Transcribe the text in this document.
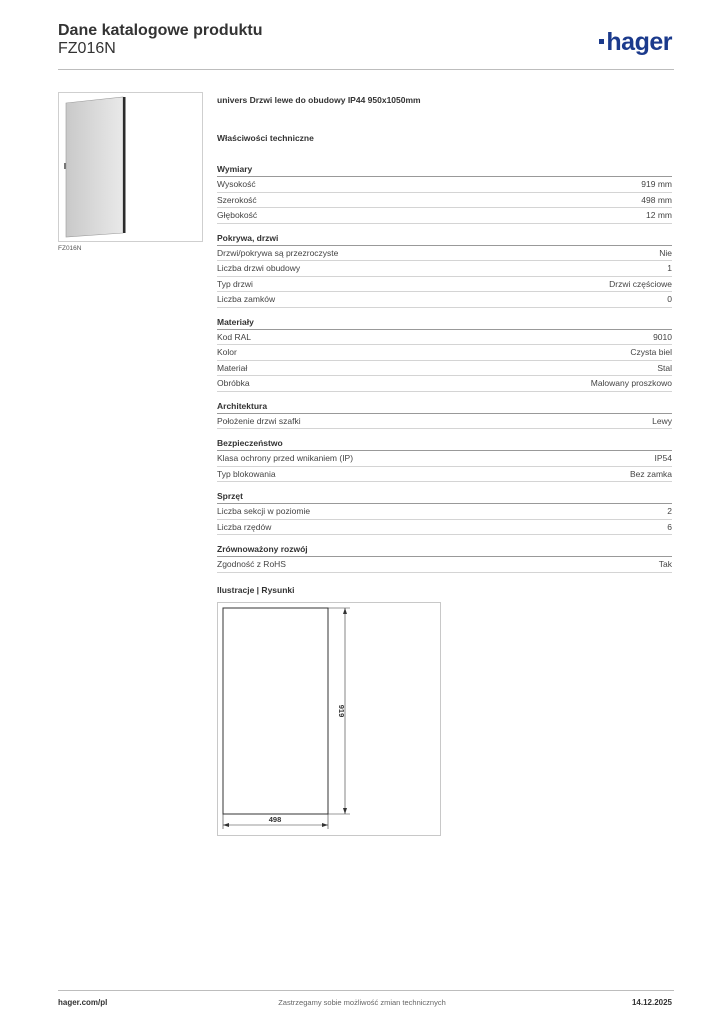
Dane katalogowe produktu
FZ016N	hager
FZ016N
univers Drzwi lewe do obudowy IP44 950x1050mm
Właściwości techniczne
Wymiary
Wysokość	919 mm
Szerokość	498 mm
Głębokość	12 mm
Pokrywa, drzwi
Drzwi/pokrywa są przezroczyste	Nie
Liczba drzwi obudowy	1
Typ drzwi	Drzwi częściowe
Liczba zamków	0
Materiały
Kod RAL	9010
Kolor	Czysta biel
Materiał	Stal
Obróbka	Malowany proszkowo
Architektura
Położenie drzwi szafki	Lewy
Bezpieczeństwo
Klasa ochrony przed wnikaniem (IP)	IP54
Typ blokowania	Bez zamka
Sprzęt
Liczba sekcji w poziomie	2
Liczba rzędów	6
Zrównoważony rozwój
Zgodność z RoHS	Tak
Ilustracje | Rysunki
919
498
hager.com/pl	Zastrzegamy sobie możliwość zmian technicznych	14.12.2025
